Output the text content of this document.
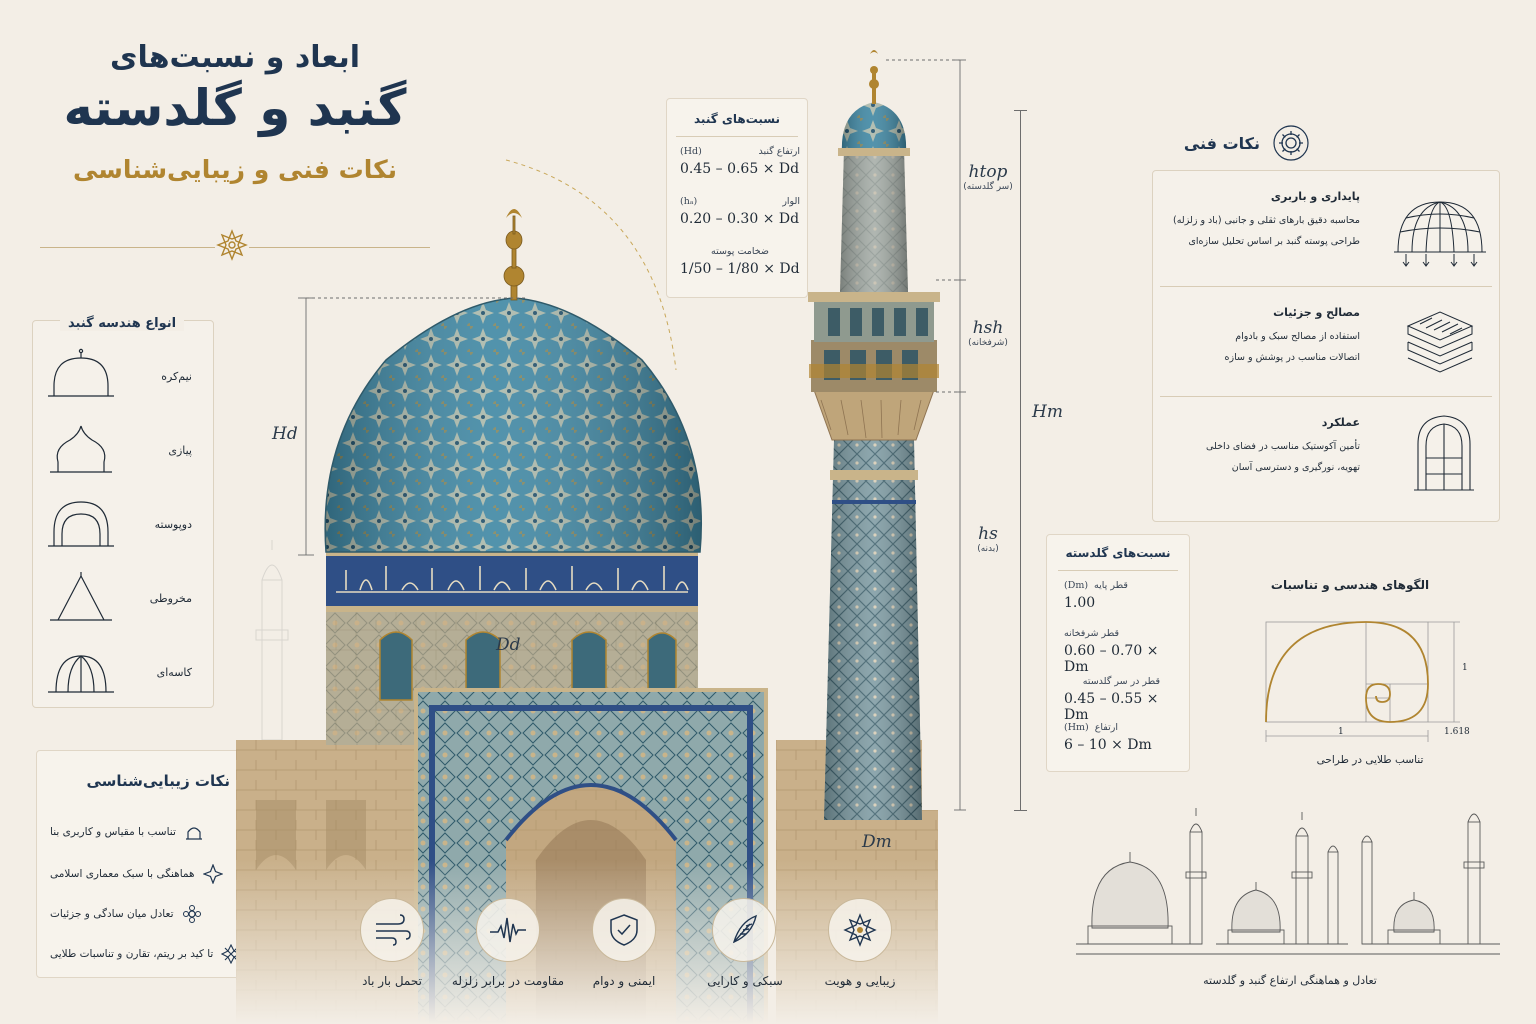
ابعاد و نسبت‌های
گنبد و گلدسته
نکات فنی و زیبایی‌شناسی
انواع هندسه گنبد
نیم‌کره
پیازی
دوپوسته
مخروطی
کاسه‌ای
نکات زیبایی‌شناسی
تناسب با مقیاس و کاربری بنا
هماهنگی با سبک معماری اسلامی
تعادل میان سادگی و جزئیات
تا کید بر ریتم، تقارن و تناسبات طلایی
Hd
Dd
Dm
Hm
htop
(سر گلدسته)
hsh
(شرفخانه)
hs
(بدنه)
نسبت‌های گنبد
(Hd)	ارتفاع گنبد
0.45 – 0.65 × Dd
(hₐ)	الوار
0.20 – 0.30 × Dd
ضخامت پوسته
1/50 – 1/80 × Dd
نسبت‌های گلدسته
(Dm) قطر پایه
1.00
قطر شرفخانه
0.60 – 0.70 × Dm
قطر در سر گلدسته
0.45 – 0.55 × Dm
(Hm) ارتفاع
6 – 10 × Dm
نکات فنی
پایداری و باربری
محاسبه دقیق بارهای ثقلی و جانبی (باد و زلزله)
طراحی پوسته گنبد بر اساس تحلیل سازه‌ای
مصالح و جزئیات
استفاده از مصالح سبک و بادوام
اتصالات مناسب در پوشش و سازه
عملکرد
تأمین آکوستیک مناسب در فضای داخلی
تهویه، نورگیری و دسترسی آسان
الگوهای هندسی و تناسبات
1
1	1.618
تناسب طلایی در طراحی
تعادل و هماهنگی ارتفاع گنبد و گلدسته
زیبایی و هویت
سبکی و کارایی
ایمنی و دوام
مقاومت در برابر زلزله
تحمل بار باد
